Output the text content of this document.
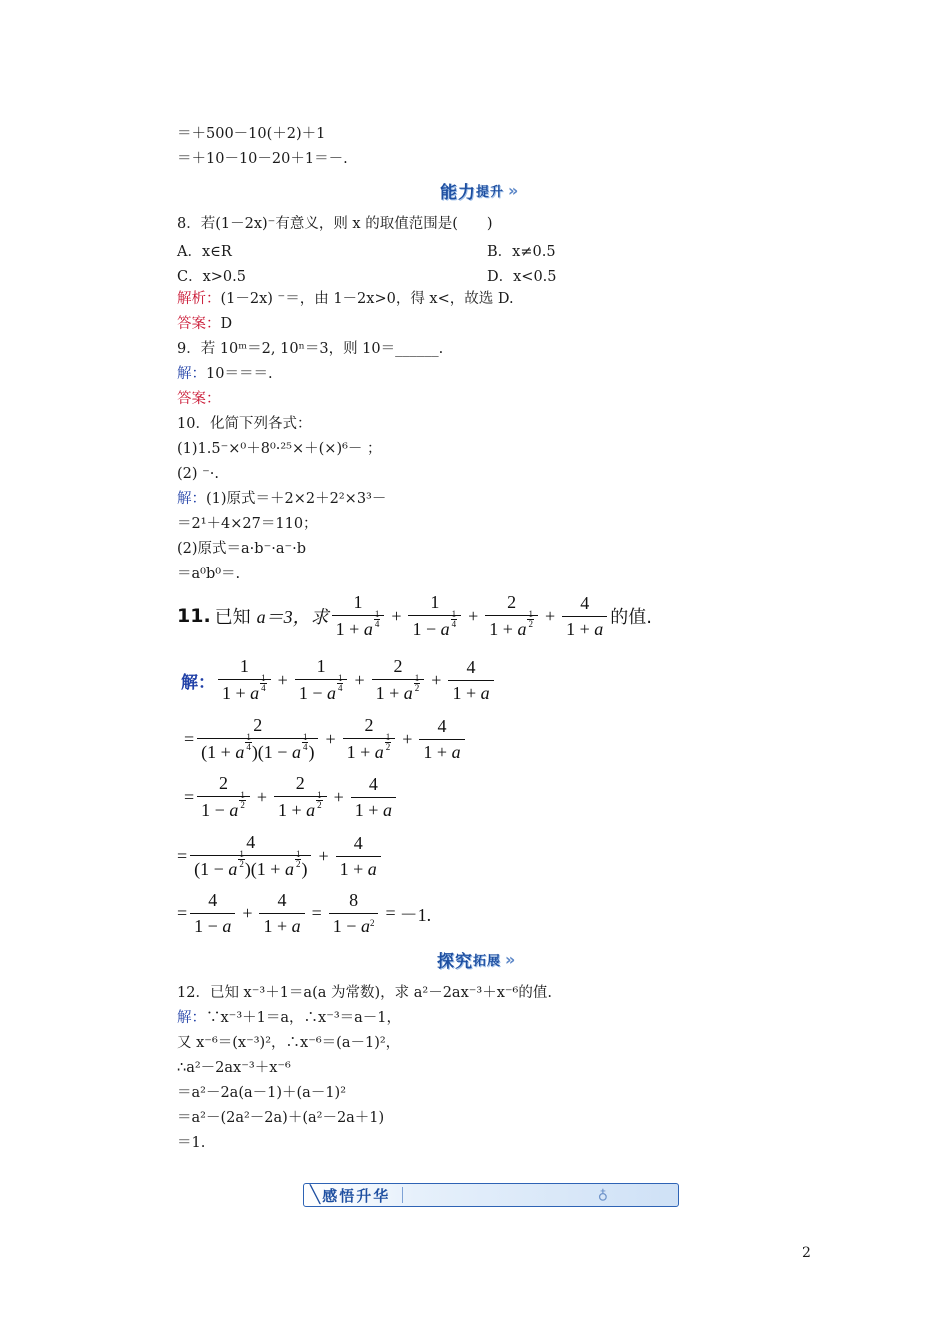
＝＋500－10(＋2)＋1
＝＋10－10－20＋1＝－.
能力 提升 »
8．若(1－2x)⁻有意义，则 x 的取值范围是(　　)
A．x∈R	B．x≠0.5
C．x>0.5	D．x<0.5
解析：(1－2x) ⁻＝，由 1－2x>0，得 x<，故选 D.
答案：D
9．若 10ᵐ＝2, 10ⁿ＝3，则 10＝______.
解：10＝＝＝.
答案：
10．化简下列各式：
(1)1.5⁻×⁰＋8⁰·²⁵×＋(×)⁶－ ；
(2) ⁻·.
解：(1)原式＝＋2×2＋2²×3³－
＝2¹＋4×27＝110；
(2)原式＝a·b⁻·a⁻·b
＝a⁰b⁰＝.
11. 已知 a＝3，求 $\frac{1}{1 + a \frac{1}{4}} + \frac{1}{1 - a \frac{1}{4}} + \frac{2}{1 + a \frac{1}{2}} + \frac{4}{1 + a}$ 的值.
解： $\frac{1}{1 + a \frac{1}{4}} + \frac{1}{1 - a \frac{1}{4}} + \frac{2}{1 + a \frac{1}{2}} + \frac{4}{1 + a}$
= $\frac{2}{(1 + a \frac{1}{4} )(1 - a \frac{1}{4} )} + \frac{2}{1 + a \frac{1}{2}} + \frac{4}{1 + a}$
= $\frac{2}{1 - a \frac{1}{2}} + \frac{2}{1 + a \frac{1}{2}} + \frac{4}{1 + a}$
= $\frac{4}{(1 - a \frac{1}{2} )(1 + a \frac{1}{2} )} + \frac{4}{1 + a}$
= $\frac{4}{1 - a} + \frac{4}{1 + a} = \frac{8}{1 - a^2} = -1$.
探究 拓展 »
12．已知 x⁻³＋1＝a(a 为常数)，求 a²－2ax⁻³＋x⁻⁶的值.
解：∵x⁻³＋1＝a，∴x⁻³＝a－1，
又 x⁻⁶＝(x⁻³)²，∴x⁻⁶＝(a－1)²，
∴a²－2ax⁻³＋x⁻⁶
＝a²－2a(a－1)＋(a－1)²
＝a²－(2a²－2a)＋(a²－2a＋1)
＝1.
╲ 感悟升华	♁
2
